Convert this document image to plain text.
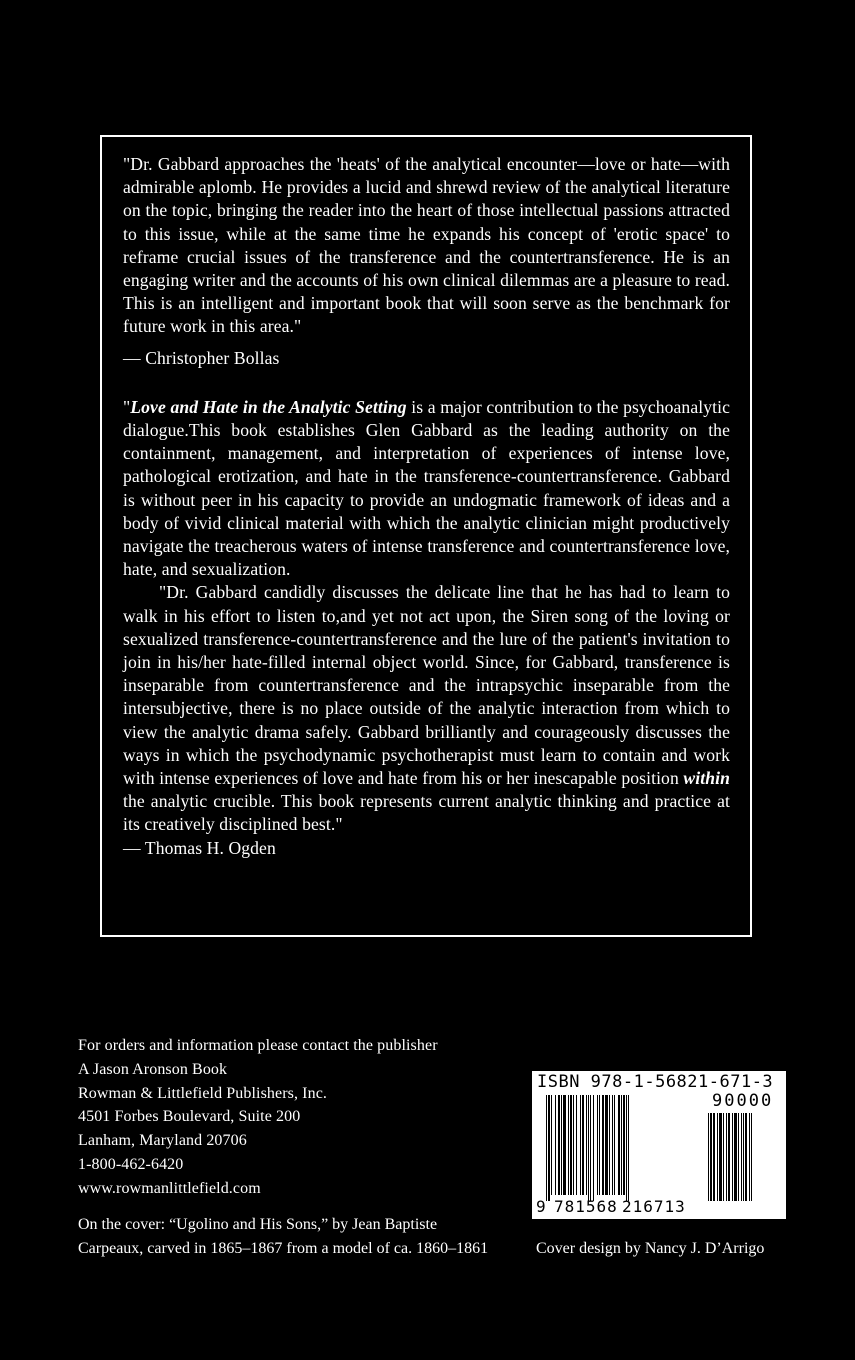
"Dr. Gabbard approaches the 'heats' of the analytical encounter—love or hate—with admirable aplomb. He provides a lucid and shrewd review of the analytical literature on the topic, bringing the reader into the heart of those intellectual passions attracted to this issue, while at the same time he expands his concept of 'erotic space' to reframe crucial issues of the transference and the countertransference. He is an engaging writer and the accounts of his own clinical dilemmas are a pleasure to read. This is an intelligent and important book that will soon serve as the benchmark for future work in this area."

— Christopher Bollas

"Love and Hate in the Analytic Setting is a major contribution to the psychoanalytic dialogue.This book establishes Glen Gabbard as the leading authority on the containment, management, and interpretation of experiences of intense love, pathological erotization, and hate in the transference-countertransference. Gabbard is without peer in his capacity to provide an undogmatic framework of ideas and a body of vivid clinical material with which the analytic clinician might productively navigate the treacherous waters of intense transference and countertransference love, hate, and sexualization.

"Dr. Gabbard candidly discusses the delicate line that he has had to learn to walk in his effort to listen to,and yet not act upon, the Siren song of the loving or sexualized transference-countertransference and the lure of the patient's invitation to join in his/her hate-filled internal object world. Since, for Gabbard, transference is inseparable from countertransference and the intrapsychic inseparable from the intersubjective, there is no place outside of the analytic interaction from which to view the analytic drama safely. Gabbard brilliantly and courageously discusses the ways in which the psychodynamic psychotherapist must learn to contain and work with intense experiences of love and hate from his or her inescapable position within the analytic crucible. This book represents current analytic thinking and practice at its creatively disciplined best."

— Thomas H. Ogden

For orders and information please contact the publisher
A Jason Aronson Book
Rowman & Littlefield Publishers, Inc.
4501 Forbes Boulevard, Suite 200
Lanham, Maryland 20706
1-800-462-6420
www.rowmanlittlefield.com
On the cover: “Ugolino and His Sons,” by Jean Baptiste
Carpeaux, carved in 1865–1867 from a model of ca. 1860–1861	Cover design by Nancy J. D’Arrigo
ISBN 978-1-56821-671-3
90000
9 781568 216713
